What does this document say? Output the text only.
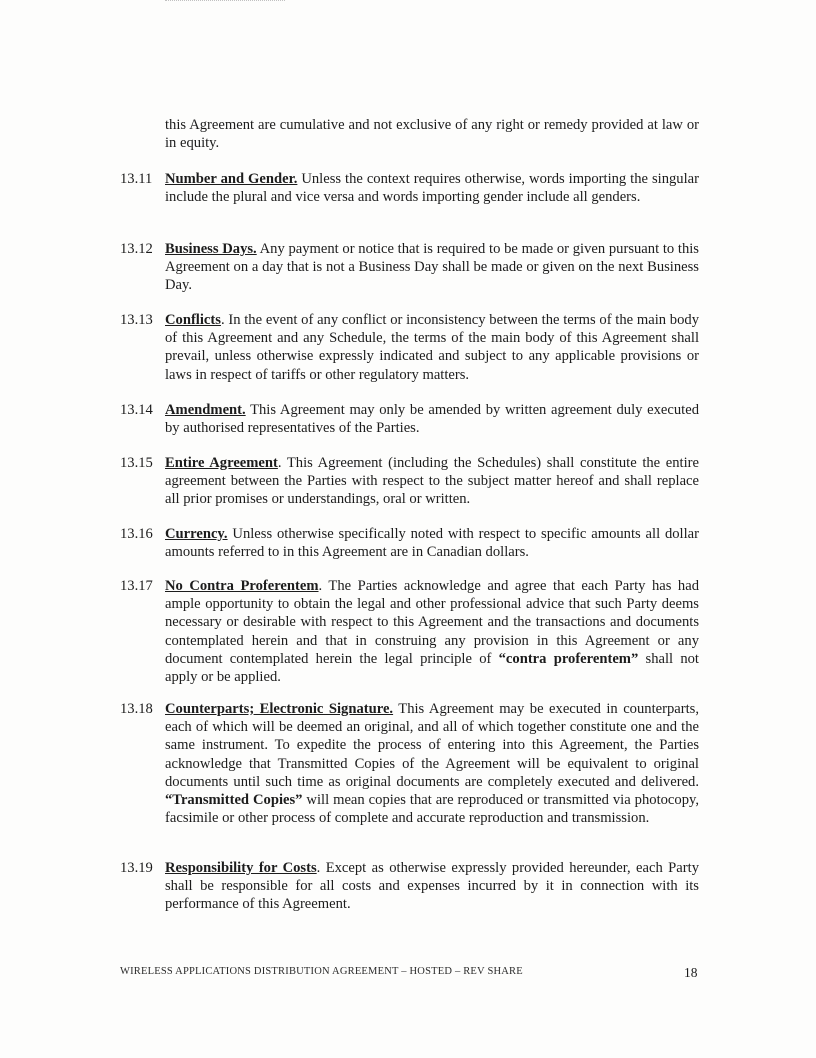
this Agreement are cumulative and not exclusive of any right or remedy provided at law or in equity.
13.11 Number and Gender. Unless the context requires otherwise, words importing the singular include the plural and vice versa and words importing gender include all genders.
13.12 Business Days. Any payment or notice that is required to be made or given pursuant to this Agreement on a day that is not a Business Day shall be made or given on the next Business Day.
13.13 Conflicts. In the event of any conflict or inconsistency between the terms of the main body of this Agreement and any Schedule, the terms of the main body of this Agreement shall prevail, unless otherwise expressly indicated and subject to any applicable provisions or laws in respect of tariffs or other regulatory matters.
13.14 Amendment. This Agreement may only be amended by written agreement duly executed by authorised representatives of the Parties.
13.15 Entire Agreement. This Agreement (including the Schedules) shall constitute the entire agreement between the Parties with respect to the subject matter hereof and shall replace all prior promises or understandings, oral or written.
13.16 Currency. Unless otherwise specifically noted with respect to specific amounts all dollar amounts referred to in this Agreement are in Canadian dollars.
13.17 No Contra Proferentem. The Parties acknowledge and agree that each Party has had ample opportunity to obtain the legal and other professional advice that such Party deems necessary or desirable with respect to this Agreement and the transactions and documents contemplated herein and that in construing any provision in this Agreement or any document contemplated herein the legal principle of “contra proferentem” shall not apply or be applied.
13.18 Counterparts; Electronic Signature. This Agreement may be executed in counterparts, each of which will be deemed an original, and all of which together constitute one and the same instrument. To expedite the process of entering into this Agreement, the Parties acknowledge that Transmitted Copies of the Agreement will be equivalent to original documents until such time as original documents are completely executed and delivered. “Transmitted Copies” will mean copies that are reproduced or transmitted via photocopy, facsimile or other process of complete and accurate reproduction and transmission.
13.19 Responsibility for Costs. Except as otherwise expressly provided hereunder, each Party shall be responsible for all costs and expenses incurred by it in connection with its performance of this Agreement.
WIRELESS APPLICATIONS DISTRIBUTION AGREEMENT – HOSTED – REV SHARE	18
